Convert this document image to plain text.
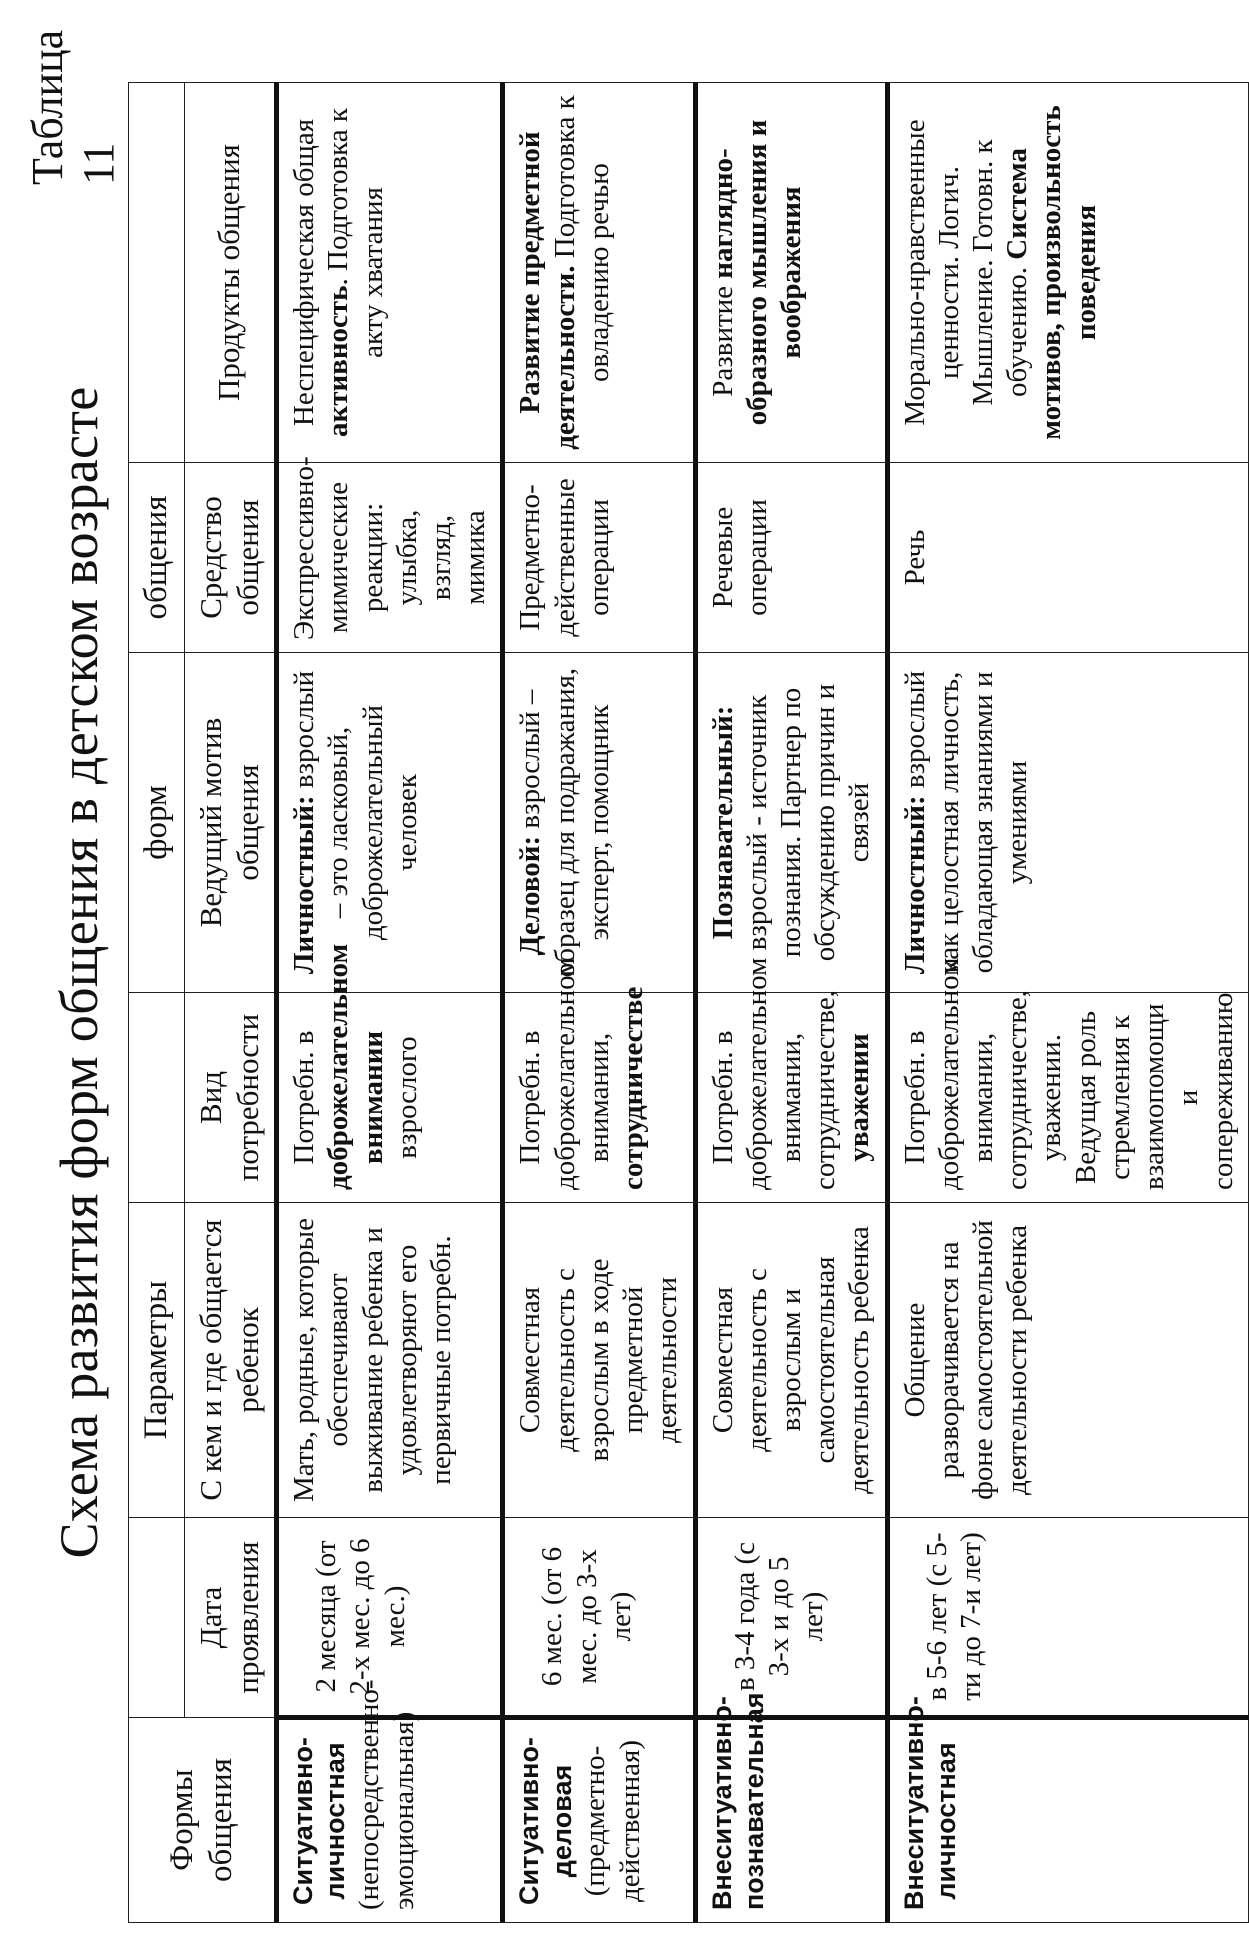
Таблица 11
Схема развития форм общения в детском возрасте
Формы общения		Параметры		форм	общения	
	Дата проявления	С кем и где общается ребенок	Вид потребности	Ведущий мотив общения	Средство общения	Продукты общения
Ситуативно-личностная (непосредственно-эмоциональная)	2 месяца (от 2-х мес. до 6 мес.)	Мать, родные, которые обеспечивают выживание ребенка и удовлетворяют его первичные потребн.	Потребн. в доброжелательном внимании взрослого	Личностный: взрослый – это ласковый, доброжелательный человек	Экспрессивно-мимические реакции: улыбка, взгляд, мимика	Неспецифическая общая активность. Подготовка к акту хватания
Ситуативно-деловая (предметно-действенная)	6 мес. (от 6 мес. до 3-х лет)	Совместная деятельность с взрослым в ходе предметной деятельности	Потребн. в доброжелательном внимании, сотрудничестве	Деловой: взрослый – образец для подражания, эксперт, помощник	Предметно-действенные операции	Развитие предметной деятельности. Подготовка к овладению речью
Внеситуативно-познавательная	в 3-4 года (с 3-х и до 5 лет)	Совместная деятельность с взрослым и самостоятельная деятельность ребенка	Потребн. в доброжелательном внимании, сотрудничестве, уважении	Познавательный: взрослый - источник познания. Партнер по обсуждению причин и связей	Речевые операции	Развитие наглядно-образного мышления и воображения
Внеситуативно-личностная	в 5-6 лет (с 5-ти до 7-и лет)	Общение разворачивается на фоне самостоятельной деятельности ребенка	Потребн. в доброжелательном внимании, сотрудничестве, уважении. Ведущая роль стремления к взаимопомощи и сопереживанию	Личностный: взрослый как целостная личность, обладающая знаниями и умениями	Речь	Морально-нравственные ценности. Логич. Мышление. Готовн. к обучению. Система мотивов, произвольность поведения
